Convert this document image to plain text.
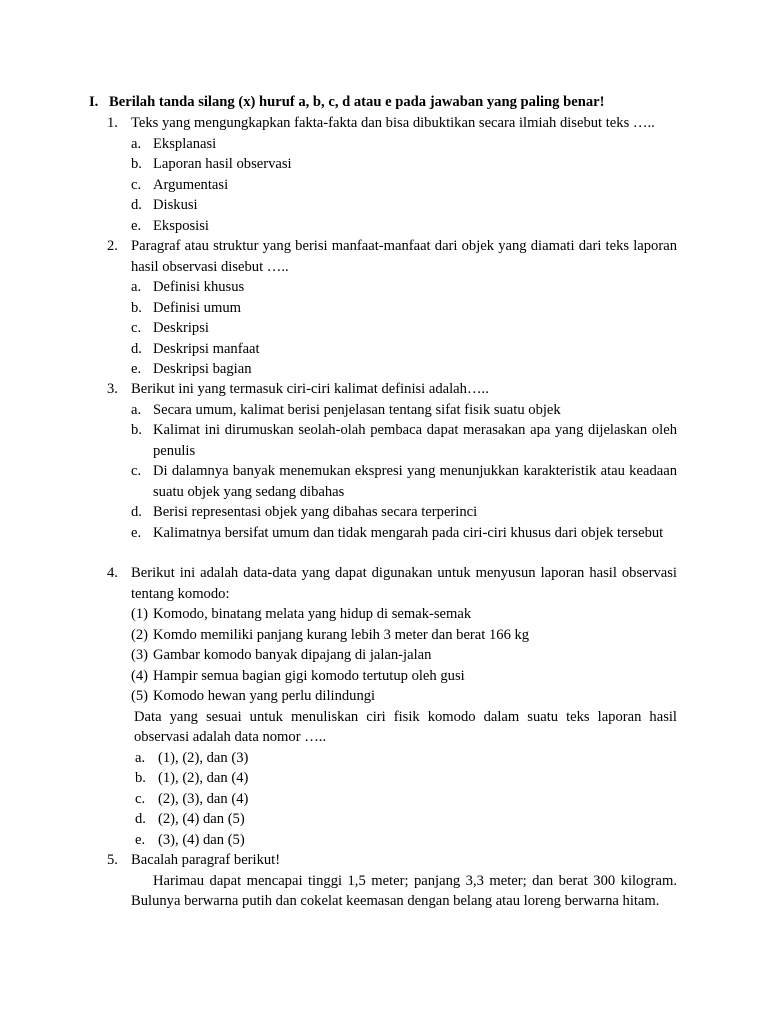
I. Berilah tanda silang (x) huruf a, b, c, d atau e pada jawaban yang paling benar!
1. Teks yang mengungkapkan fakta-fakta dan bisa dibuktikan secara ilmiah disebut teks …..
a. Eksplanasi
b. Laporan hasil observasi
c. Argumentasi
d. Diskusi
e. Eksposisi
2. Paragraf atau struktur yang berisi manfaat-manfaat dari objek yang diamati dari teks laporan hasil observasi disebut …..
a. Definisi khusus
b. Definisi umum
c. Deskripsi
d. Deskripsi manfaat
e. Deskripsi bagian
3. Berikut ini yang termasuk ciri-ciri kalimat definisi adalah…..
a. Secara umum, kalimat berisi penjelasan tentang sifat fisik suatu objek
b. Kalimat ini dirumuskan seolah-olah pembaca dapat merasakan apa yang dijelaskan oleh penulis
c. Di dalamnya banyak menemukan ekspresi yang menunjukkan karakteristik atau keadaan suatu objek yang sedang dibahas
d. Berisi representasi objek yang dibahas secara terperinci
e. Kalimatnya bersifat umum dan tidak mengarah pada ciri-ciri khusus dari objek tersebut
4. Berikut ini adalah data-data yang dapat digunakan untuk menyusun laporan hasil observasi tentang komodo:
(1) Komodo, binatang melata yang hidup di semak-semak
(2) Komdo memiliki panjang kurang lebih 3 meter dan berat 166 kg
(3) Gambar komodo banyak dipajang di jalan-jalan
(4) Hampir semua bagian gigi komodo tertutup oleh gusi
(5) Komodo hewan yang perlu dilindungi
Data yang sesuai untuk menuliskan ciri fisik komodo dalam suatu teks laporan hasil observasi adalah data nomor …..
a. (1), (2), dan (3)
b. (1), (2), dan (4)
c. (2), (3), dan (4)
d. (2), (4) dan (5)
e. (3), (4) dan (5)
5. Bacalah paragraf berikut!
Harimau dapat mencapai tinggi 1,5 meter; panjang 3,3 meter; dan berat 300 kilogram. Bulunya berwarna putih dan cokelat keemasan dengan belang atau loreng berwarna hitam.
